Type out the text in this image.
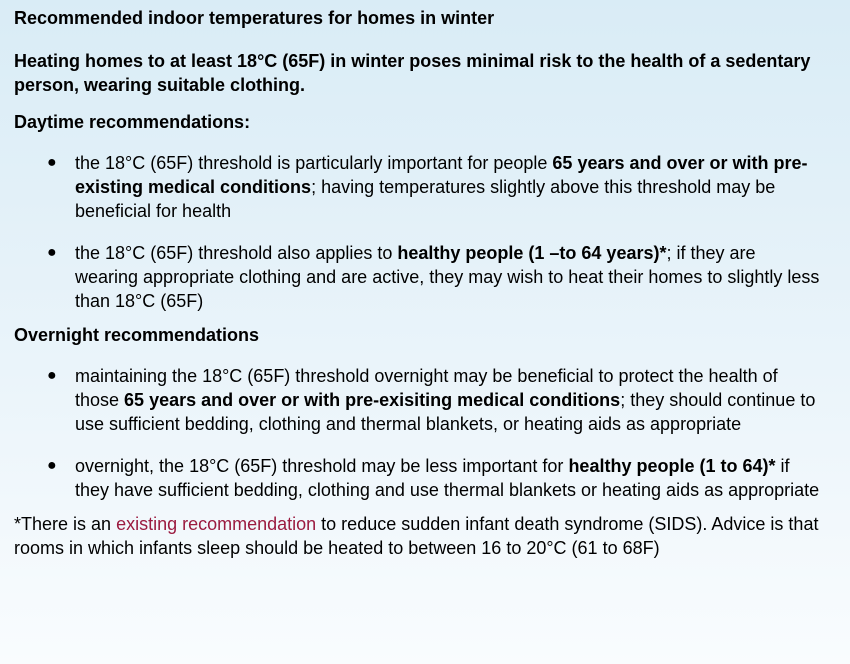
Recommended indoor temperatures for homes in winter

Heating homes to at least 18°C (65F) in winter poses minimal risk to the health of a sedentary person, wearing suitable clothing.

Daytime recommendations:

● the 18°C (65F) threshold is particularly important for people 65 years and over or with pre-existing medical conditions; having temperatures slightly above this threshold may be beneficial for health
● the 18°C (65F) threshold also applies to healthy people (1 –to 64 years)*; if they are wearing appropriate clothing and are active, they may wish to heat their homes to slightly less than 18°C (65F)

Overnight recommendations

● maintaining the 18°C (65F) threshold overnight may be beneficial to protect the health of those 65 years and over or with pre-exisiting medical conditions; they should continue to use sufficient bedding, clothing and thermal blankets, or heating aids as appropriate
● overnight, the 18°C (65F) threshold may be less important for healthy people (1 to 64)* if they have sufficient bedding, clothing and use thermal blankets or heating aids as appropriate

*There is an existing recommendation to reduce sudden infant death syndrome (SIDS). Advice is that rooms in which infants sleep should be heated to between 16 to 20°C (61 to 68F)
